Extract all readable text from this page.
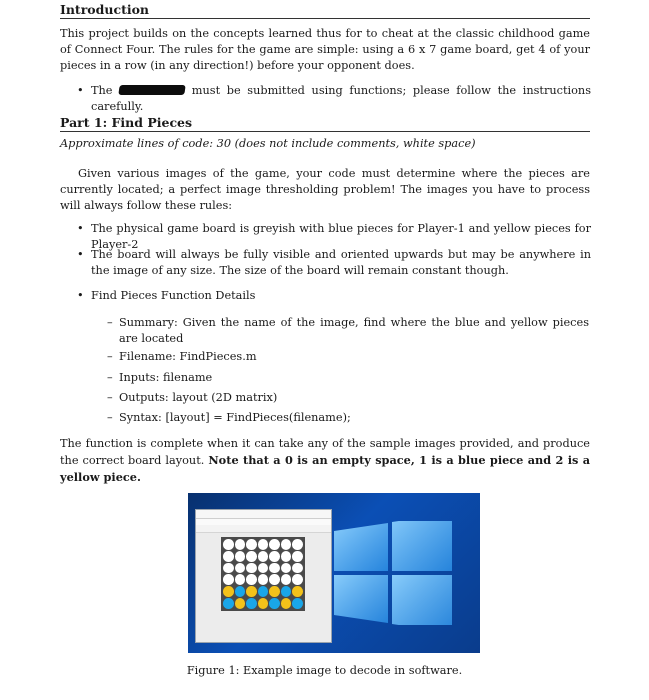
Introduction

This project builds on the concepts learned thus for to cheat at the classic childhood game of Connect Four. The rules for the game are simple: using a 6 x 7 game board, get 4 of your pieces in a row (in any direction!) before your opponent does.

• The	must be submitted using functions; please follow the instructions carefully.

Part 1: Find Pieces

Approximate lines of code: 30 (does not include comments, white space)

Given various images of the game, your code must determine where the pieces are currently located; a perfect image thresholding problem! The images you have to process will always follow these rules:

• The physical game board is greyish with blue pieces for Player-1 and yellow pieces for Player-2

• The board will always be fully visible and oriented upwards but may be anywhere in the image of any size. The size of the board will remain constant though.

• Find Pieces Function Details

– Summary: Given the name of the image, find where the blue and yellow pieces are located

– Filename: FindPieces.m

– Inputs: filename

– Outputs: layout (2D matrix)

– Syntax: [layout] = FindPieces(filename);

The function is complete when it can take any of the sample images provided, and produce the correct board layout. Note that a 0 is an empty space, 1 is a blue piece and 2 is a yellow piece.

Figure 1: Example image to decode in software.
